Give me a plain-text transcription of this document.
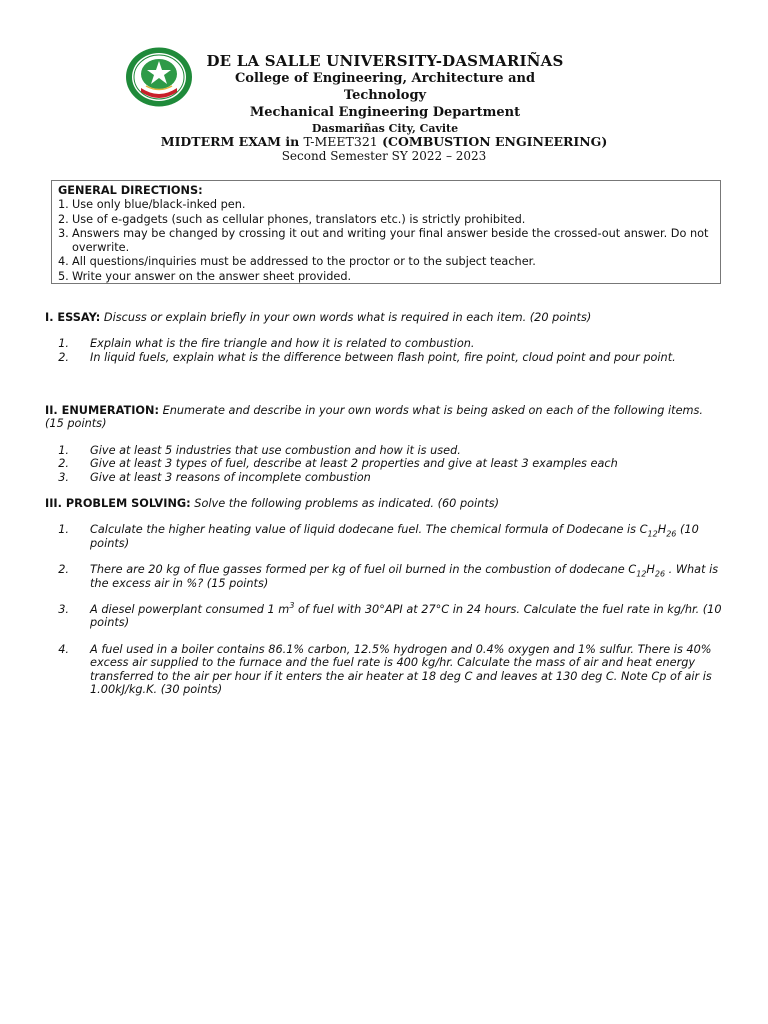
DE LA SALLE UNIVERSITY-DASMARIÑAS
College of Engineering, Architecture and Technology
Mechanical Engineering Department
Dasmariñas City, Cavite
MIDTERM EXAM in T-MEET321 (COMBUSTION ENGINEERING)
Second Semester SY 2022 – 2023
GENERAL DIRECTIONS:
1. Use only blue/black-inked pen.
2. Use of e-gadgets (such as cellular phones, translators etc.) is strictly prohibited.
3. Answers may be changed by crossing it out and writing your final answer beside the crossed-out answer. Do not overwrite.
4. All questions/inquiries must be addressed to the proctor or to the subject teacher.
5. Write your answer on the answer sheet provided.
I. ESSAY: Discuss or explain briefly in your own words what is required in each item. (20 points)
1.	Explain what is the fire triangle and how it is related to combustion.
2.	In liquid fuels, explain what is the difference between flash point, fire point, cloud point and pour point.
II. ENUMERATION: Enumerate and describe in your own words what is being asked on each of the following items. (15 points)
1.	Give at least 5 industries that use combustion and how it is used.
2.	Give at least 3 types of fuel, describe at least 2 properties and give at least 3 examples each
3.	Give at least 3 reasons of incomplete combustion
III. PROBLEM SOLVING: Solve the following problems as indicated. (60 points)
1.	Calculate the higher heating value of liquid dodecane fuel. The chemical formula of Dodecane is $C_{12}H_{26}$ (10 points)
2.	There are 20 kg of flue gasses formed per kg of fuel oil burned in the combustion of dodecane $C_{12}H_{26}$ . What is the excess air in %? (15 points)
3.	A diesel powerplant consumed 1 $m^3$ of fuel with 30°API at 27°C in 24 hours. Calculate the fuel rate in kg/hr. (10 points)
4.	A fuel used in a boiler contains 86.1% carbon, 12.5% hydrogen and 0.4% oxygen and 1% sulfur. There is 40% excess air supplied to the furnace and the fuel rate is 400 kg/hr. Calculate the mass of air and heat energy transferred to the air per hour if it enters the air heater at 18 deg C and leaves at 130 deg C. Note Cp of air is 1.00kJ/kg.K. (30 points)
